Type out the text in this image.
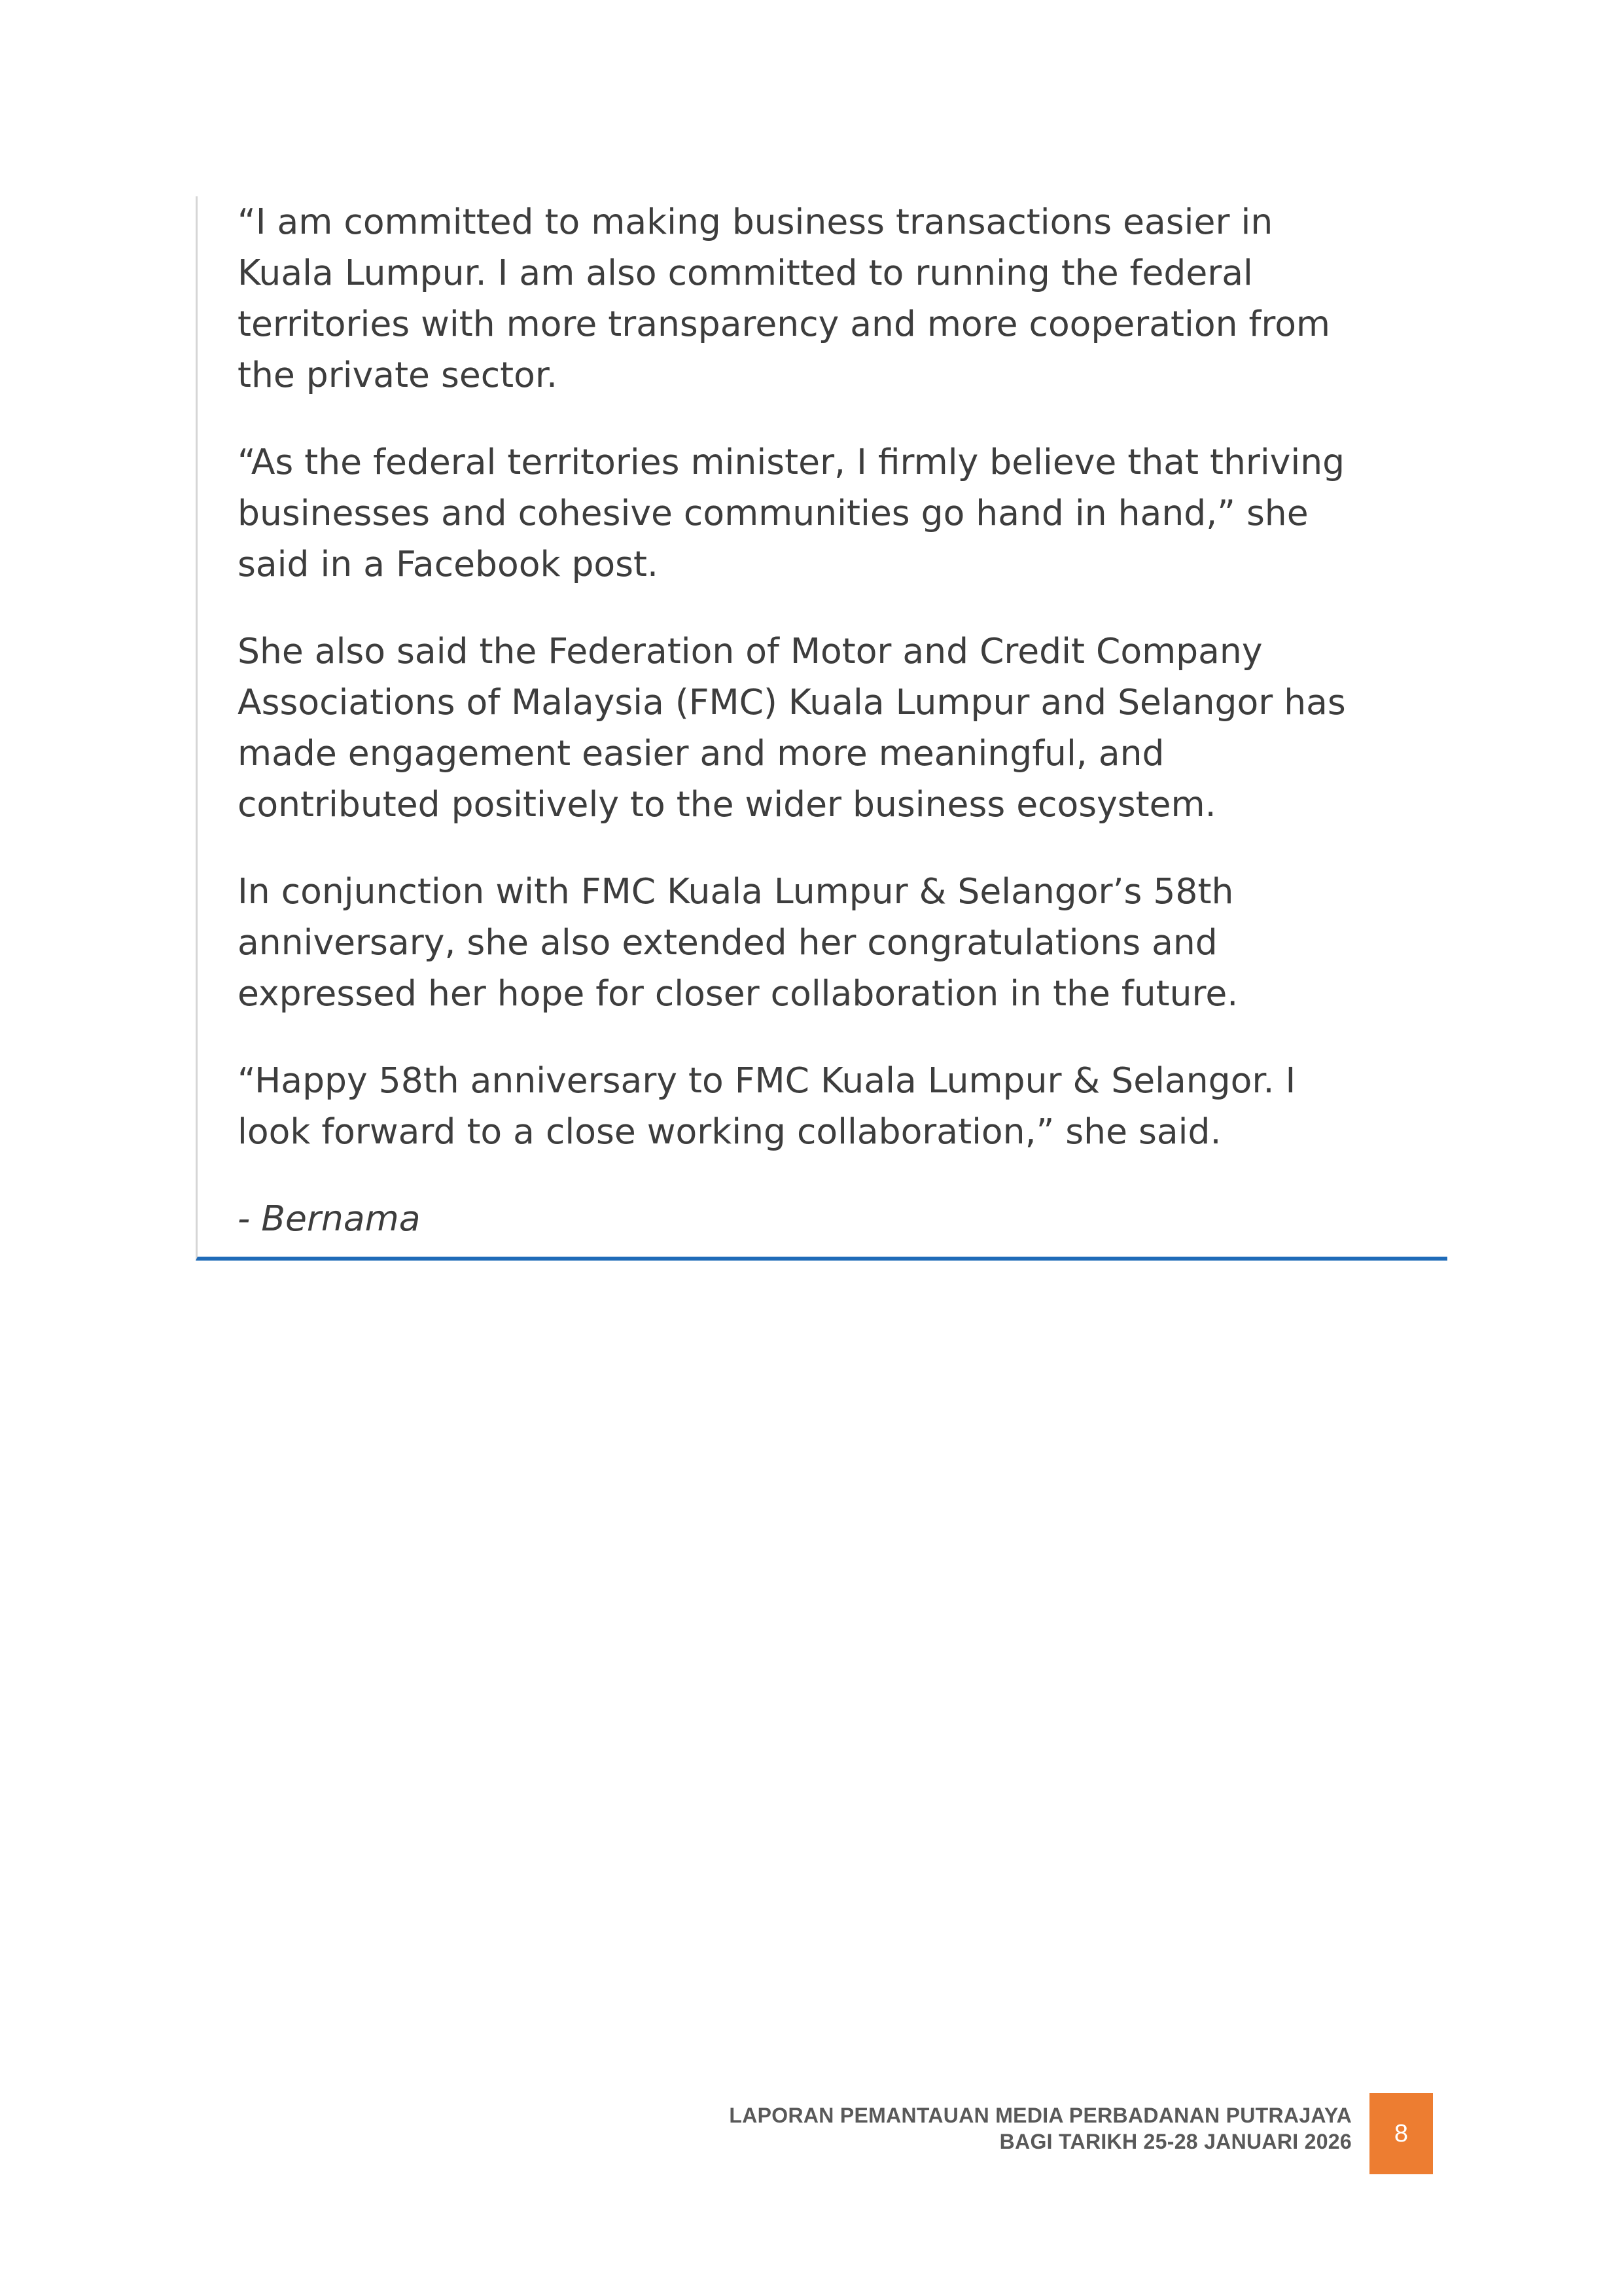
“I am committed to making business transactions easier in
Kuala Lumpur. I am also committed to running the federal
territories with more transparency and more cooperation from
the private sector.

“As the federal territories minister, I firmly believe that thriving
businesses and cohesive communities go hand in hand,” she
said in a Facebook post.

She also said the Federation of Motor and Credit Company
Associations of Malaysia (FMC) Kuala Lumpur and Selangor has
made engagement easier and more meaningful, and
contributed positively to the wider business ecosystem.

In conjunction with FMC Kuala Lumpur & Selangor’s 58th
anniversary, she also extended her congratulations and
expressed her hope for closer collaboration in the future.

“Happy 58th anniversary to FMC Kuala Lumpur & Selangor. I
look forward to a close working collaboration,” she said.

- Bernama

LAPORAN PEMANTAUAN MEDIA PERBADANAN PUTRAJAYA
BAGI TARIKH 25-28 JANUARI 2026	8
